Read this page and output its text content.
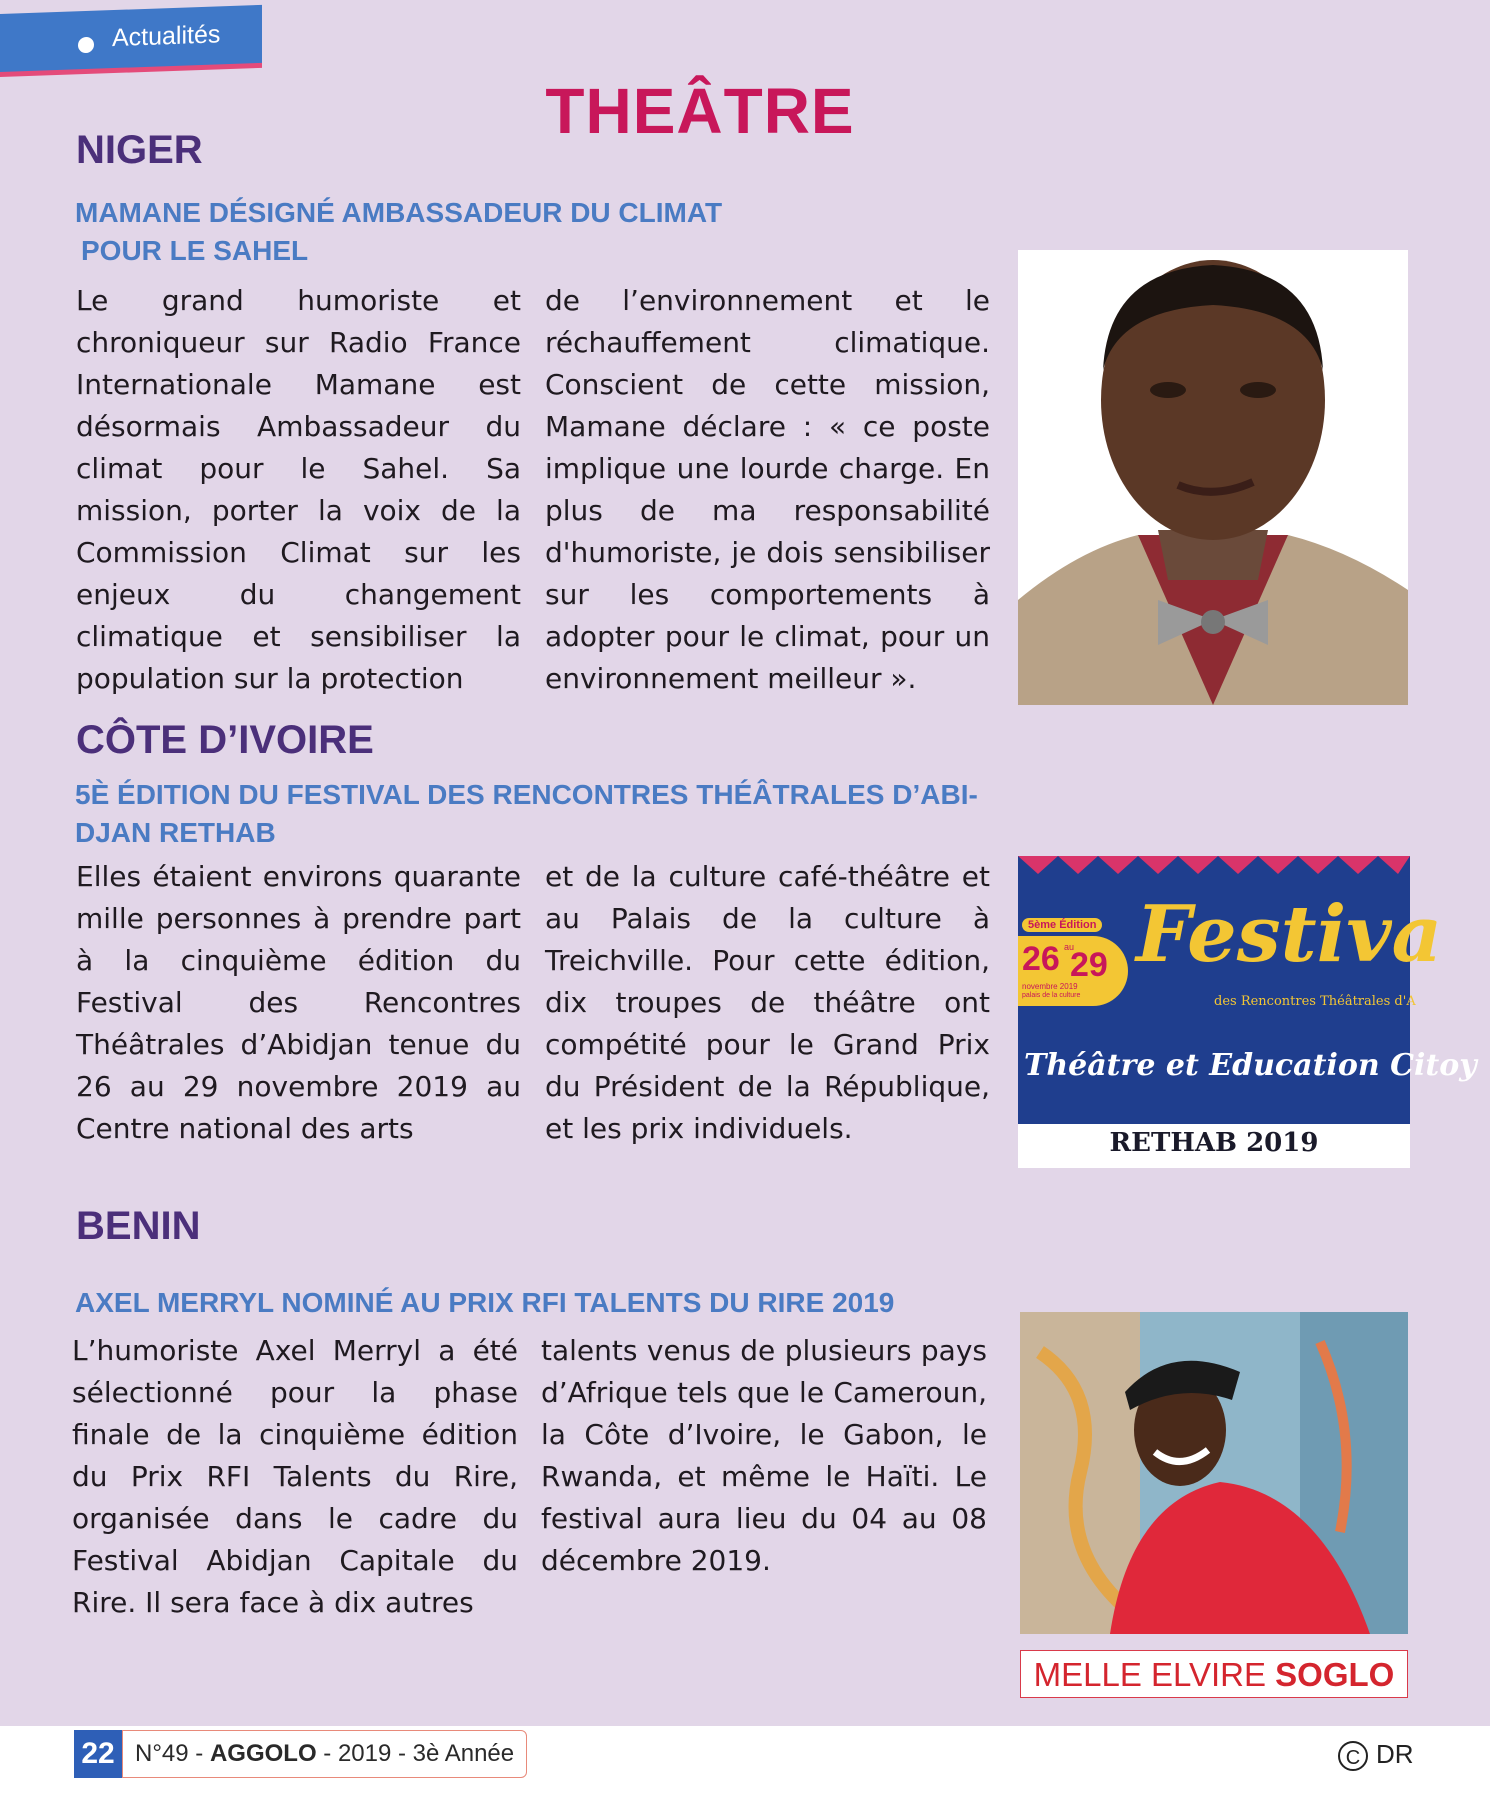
Actualités
THEÂTRE
NIGER
MAMANE DÉSIGNÉ AMBASSADEUR DU CLIMAT
POUR LE SAHEL

Le grand humoriste et chroniqueur sur Radio France Internationale Mamane est désormais Ambassadeur du climat pour le Sahel. Sa mission, porter la voix de la Commission Climat sur les enjeux du changement climatique et sensibiliser la population sur la protection

de l’environnement et le réchauffement climatique. Conscient de cette mission, Mamane déclare : « ce poste implique une lourde charge. En plus de ma responsabilité d'humoriste, je dois sensibiliser sur les comportements à adopter pour le climat, pour un environnement meilleur ».

CÔTE D’IVOIRE
5È ÉDITION DU FESTIVAL DES RENCONTRES THÉÂTRALES D’ABI-
DJAN RETHAB

Elles étaient environs quarante mille personnes à prendre part à la cinquième édition du Festival des Rencontres Théâtrales d’Abidjan tenue du 26 au 29 novembre 2019 au Centre national des arts

et de la culture café-théâtre et au Palais de la culture à Treichville. Pour cette édition, dix troupes de théâtre ont compétité pour le Grand Prix du Président de la République, et les prix individuels.

5ème Édition
26 au
29
novembre 2019
palais de la culture
Festiva
des Rencontres Théâtrales d'A
Théâtre et Education Citoy
RETHAB 2019
BENIN
AXEL MERRYL NOMINÉ AU PRIX RFI TALENTS DU RIRE 2019

L’humoriste Axel Merryl a été sélectionné pour la phase finale de la cinquième édition du Prix RFI Talents du Rire, organisée dans le cadre du Festival Abidjan Capitale du Rire. Il sera face à dix autres

talents venus de plusieurs pays d’Afrique tels que le Cameroun, la Côte d’Ivoire, le Gabon, le Rwanda, et même le Haïti. Le festival aura lieu du 04 au 08 décembre 2019.

MELLE ELVIRE SOGLO
22 N°49 - AGGOLO - 2019 - 3è Année	C DR
